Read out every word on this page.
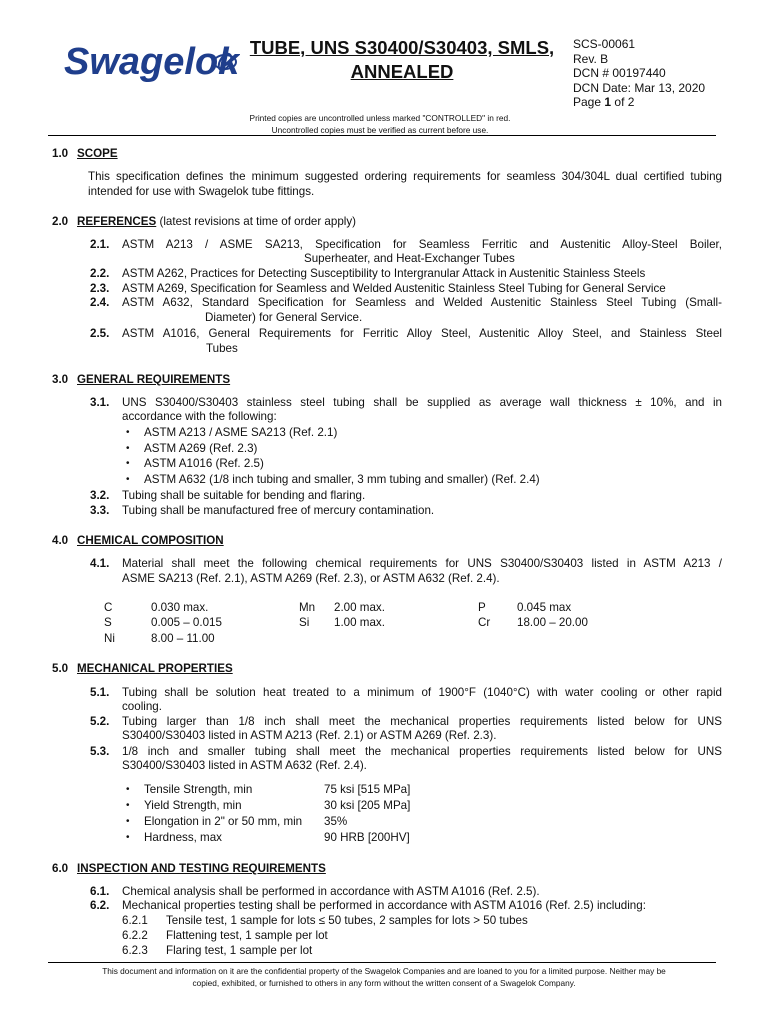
Swagelok TUBE, UNS S30400/S30403, SMLS,
ANNEALED
SCS-00061
Rev. B
DCN # 00197440
DCN Date: Mar 13, 2020
Page 1 of 2
Printed copies are uncontrolled unless marked "CONTROLLED" in red.
Uncontrolled copies must be verified as current before use.
1.0 SCOPE
This specification defines the minimum suggested ordering requirements for seamless 304/304L dual certified tubing intended for use with Swagelok tube fittings.
2.0 REFERENCES (latest revisions at time of order apply)
2.1. ASTM A213 / ASME SA213, Specification for Seamless Ferritic and Austenitic Alloy-Steel Boiler,
Superheater, and Heat-Exchanger Tubes
2.2. ASTM A262, Practices for Detecting Susceptibility to Intergranular Attack in Austenitic Stainless Steels
2.3. ASTM A269, Specification for Seamless and Welded Austenitic Stainless Steel Tubing for General Service
2.4. ASTM A632, Standard Specification for Seamless and Welded Austenitic Stainless Steel Tubing (Small-
Diameter) for General Service.
2.5. ASTM A1016, General Requirements for Ferritic Alloy Steel, Austenitic Alloy Steel, and Stainless Steel
Tubes
3.0 GENERAL REQUIREMENTS
3.1. UNS S30400/S30403 stainless steel tubing shall be supplied as average wall thickness ± 10%, and in
accordance with the following:
• ASTM A213 / ASME SA213 (Ref. 2.1)
• ASTM A269 (Ref. 2.3)
• ASTM A1016 (Ref. 2.5)
• ASTM A632 (1/8 inch tubing and smaller, 3 mm tubing and smaller) (Ref. 2.4)
3.2. Tubing shall be suitable for bending and flaring.
3.3. Tubing shall be manufactured free of mercury contamination.
4.0 CHEMICAL COMPOSITION
4.1. Material shall meet the following chemical requirements for UNS S30400/S30403 listed in ASTM A213 /
ASME SA213 (Ref. 2.1), ASTM A269 (Ref. 2.3), or ASTM A632 (Ref. 2.4).
C	0.030 max.	Mn 2.00 max.	P	0.045 max
S	0.005 – 0.015	Si 1.00 max.	Cr 18.00 – 20.00
Ni	8.00 – 11.00
5.0 MECHANICAL PROPERTIES
5.1. Tubing shall be solution heat treated to a minimum of 1900°F (1040°C) with water cooling or other rapid
cooling.
5.2. Tubing larger than 1/8 inch shall meet the mechanical properties requirements listed below for UNS
S30400/S30403 listed in ASTM A213 (Ref. 2.1) or ASTM A269 (Ref. 2.3).
5.3. 1/8 inch and smaller tubing shall meet the mechanical properties requirements listed below for UNS
S30400/S30403 listed in ASTM A632 (Ref. 2.4).
• Tensile Strength, min	75 ksi [515 MPa]
• Yield Strength, min	30 ksi [205 MPa]
• Elongation in 2" or 50 mm, min 35%
• Hardness, max	90 HRB [200HV]
6.0 INSPECTION AND TESTING REQUIREMENTS
6.1. Chemical analysis shall be performed in accordance with ASTM A1016 (Ref. 2.5).
6.2. Mechanical properties testing shall be performed in accordance with ASTM A1016 (Ref. 2.5) including:
6.2.1 Tensile test, 1 sample for lots ≤ 50 tubes, 2 samples for lots > 50 tubes
6.2.2 Flattening test, 1 sample per lot
6.2.3 Flaring test, 1 sample per lot
This document and information on it are the confidential property of the Swagelok Companies and are loaned to you for a limited purpose. Neither may be
copied, exhibited, or furnished to others in any form without the written consent of a Swagelok Company.
